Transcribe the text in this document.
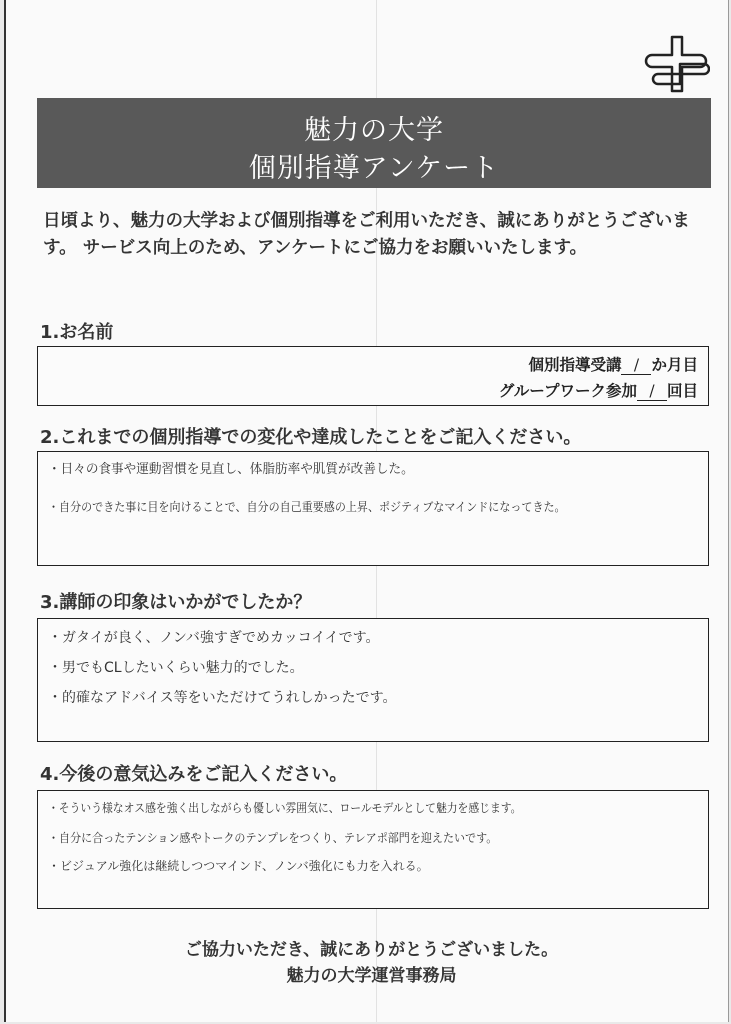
魅力の大学
個別指導アンケート
日頃より、魅力の大学および個別指導をご利用いただき、誠にありがとうございます。 サービス向上のため、アンケートにご協力をお願いいたします。
1.お名前
個別指導受講 / か月目
グループワーク参加 / 回目
2.これまでの個別指導での変化や達成したことをご記入ください。
・日々の食事や運動習慣を見直し、体脂肪率や肌質が改善した。
・自分のできた事に目を向けることで、自分の自己重要感の上昇、ポジティブなマインドになってきた。
3.講師の印象はいかがでしたか？
・ガタイが良く、ノンバ強すぎでめカッコイイです。
・男でもCLしたいくらい魅力的でした。
・的確なアドバイス等をいただけてうれしかったです。
4.今後の意気込みをご記入ください。
・そういう様なオス感を強く出しながらも優しい雰囲気に、ロールモデルとして魅力を感じます。
・自分に合ったテンション感やトークのテンプレをつくり、テレアポ部門を迎えたいです。
・ビジュアル強化は継続しつつマインド、ノンバ強化にも力を入れる。
ご協力いただき、誠にありがとうございました。
魅力の大学運営事務局
